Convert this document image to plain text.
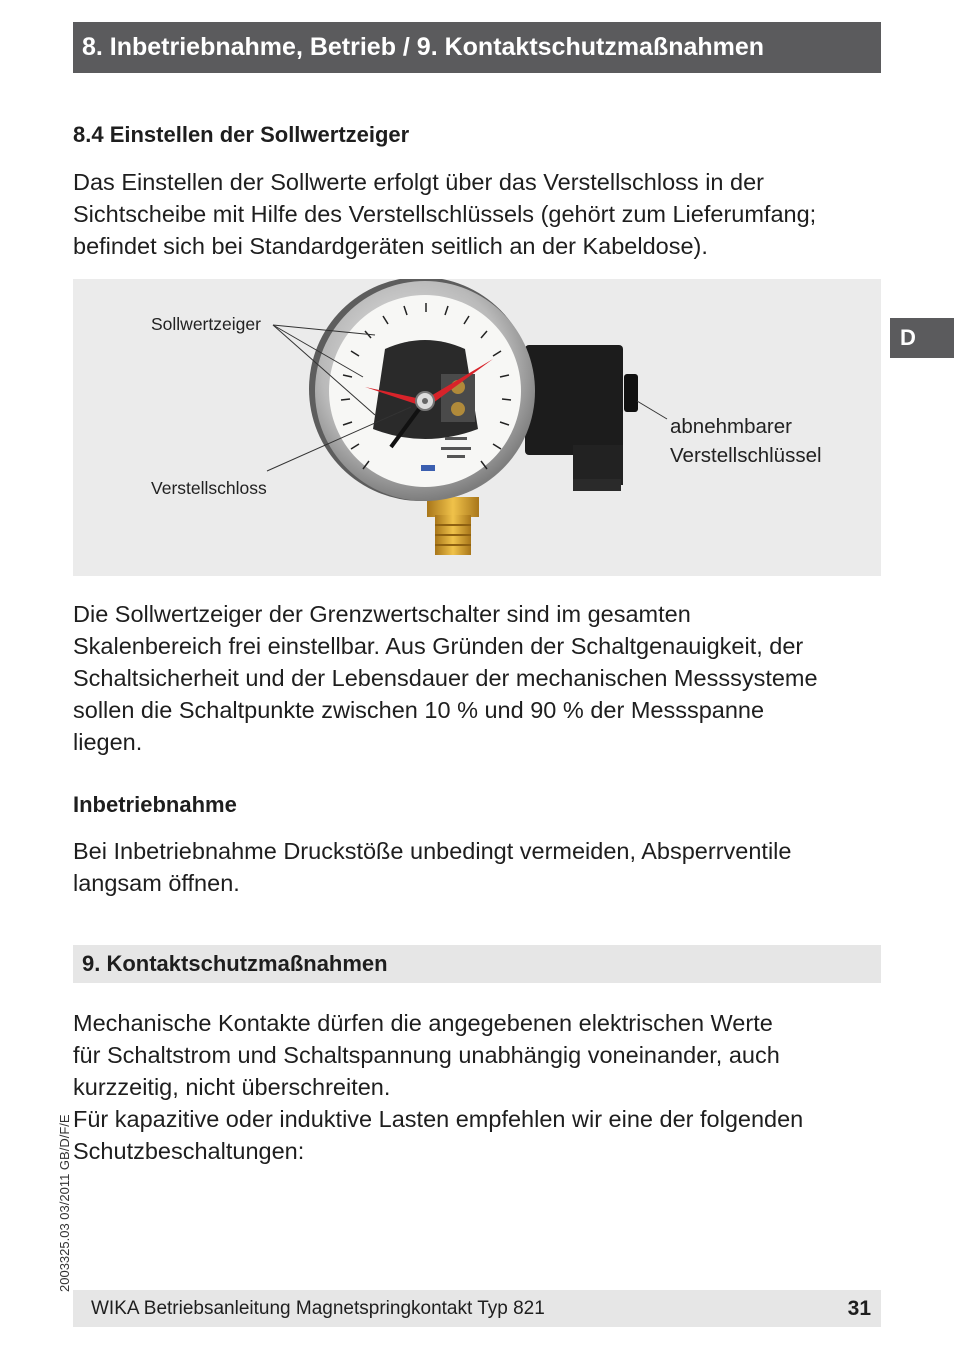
8. Inbetriebnahme, Betrieb / 9. Kontaktschutzmaßnahmen
D
8.4 Einstellen der Sollwertzeiger

Das Einstellen der Sollwerte erfolgt über das Verstellschloss in der
Sichtscheibe mit Hilfe des Verstellschlüssels (gehört zum Lieferumfang;
befindet sich bei Standardgeräten seitlich an der Kabeldose).

Sollwertzeiger
Verstellschloss
abnehmbarer
Verstellschlüssel

Die Sollwertzeiger der Grenzwertschalter sind im gesamten
Skalenbereich frei einstellbar. Aus Gründen der Schaltgenauigkeit, der
Schaltsicherheit und der Lebensdauer der mechanischen Messsysteme
sollen die Schaltpunkte zwischen 10 % und 90 % der Messspanne
liegen.

Inbetriebnahme

Bei Inbetriebnahme Druckstöße unbedingt vermeiden, Absperrventile
langsam öffnen.

9. Kontaktschutzmaßnahmen

Mechanische Kontakte dürfen die angegebenen elektrischen Werte
für Schaltstrom und Schaltspannung unabhängig voneinander, auch
kurzzeitig, nicht überschreiten.
Für kapazitive oder induktive Lasten empfehlen wir eine der folgenden
Schutzbeschaltungen:

2003325.03 03/2011 GB/D/F/E
WIKA Betriebsanleitung Magnetspringkontakt Typ 821	31
